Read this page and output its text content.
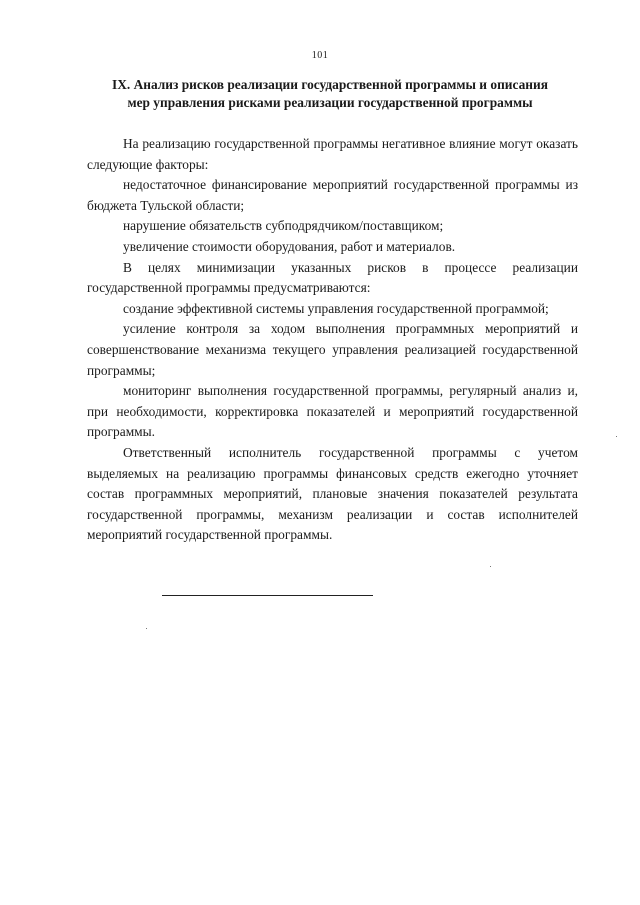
101
IX. Анализ рисков реализации государственной программы и описания
мер управления рисками реализации государственной программы

На реализацию государственной программы негативное влияние могут оказать следующие факторы:

недостаточное финансирование мероприятий государственной программы из бюджета Тульской области;

нарушение обязательств субподрядчиком/поставщиком;

увеличение стоимости оборудования, работ и материалов.

В целях минимизации указанных рисков в процессе реализации государственной программы предусматриваются:

создание эффективной системы управления государственной программой;

усиление контроля за ходом выполнения программных мероприятий и совершенствование механизма текущего управления реализацией государственной программы;

мониторинг выполнения государственной программы, регулярный анализ и, при необходимости, корректировка показателей и мероприятий государственной программы.

Ответственный исполнитель государственной программы с учетом выделяемых на реализацию программы финансовых средств ежегодно уточняет состав программных мероприятий, плановые значения показателей результата государственной программы, механизм реализации и состав исполнителей мероприятий государственной программы.
